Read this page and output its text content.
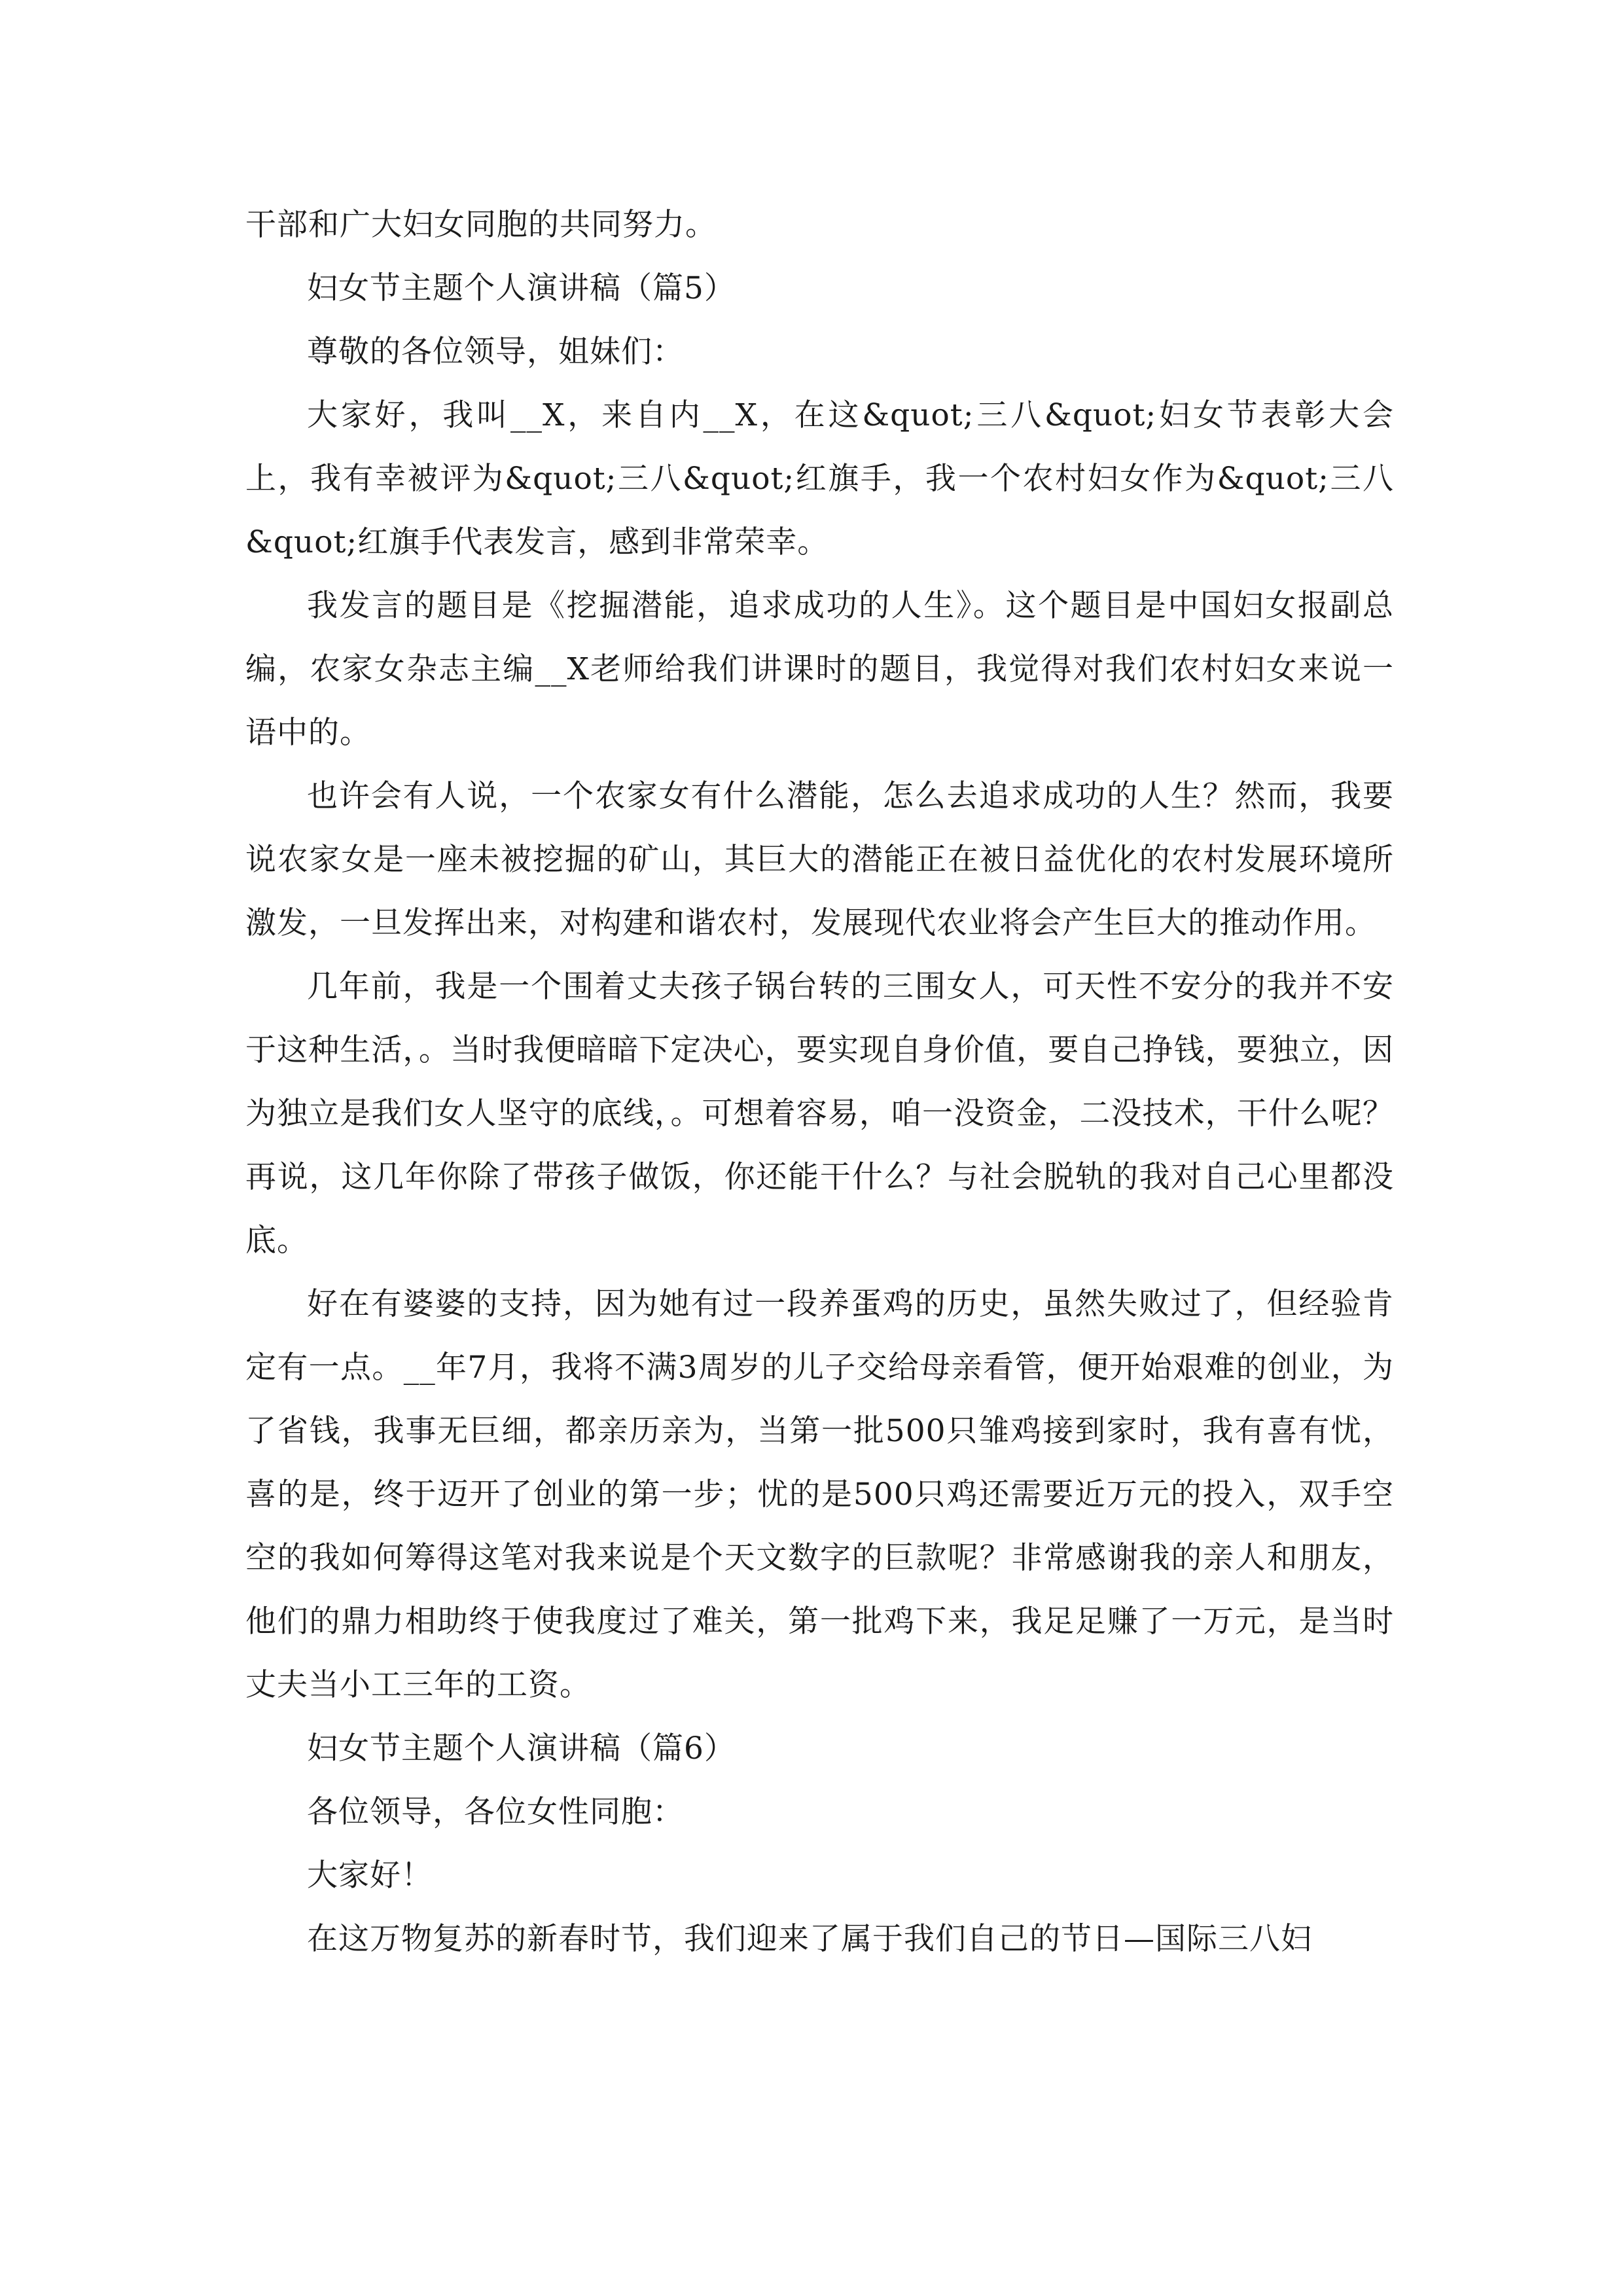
干部和广大妇女同胞的共同努力。

妇女节主题个人演讲稿（篇5）

尊敬的各位领导，姐妹们：

大家好，我叫__X，来自内__X，在这&quot;三八&quot;妇女节表彰大会上，我有幸被评为&quot;三八&quot;红旗手，我一个农村妇女作为&quot;三八&quot;红旗手代表发言，感到非常荣幸。

我发言的题目是《挖掘潜能，追求成功的人生》。这个题目是中国妇女报副总编，农家女杂志主编__X老师给我们讲课时的题目，我觉得对我们农村妇女来说一语中的。

也许会有人说，一个农家女有什么潜能，怎么去追求成功的人生？然而，我要说农家女是一座未被挖掘的矿山，其巨大的潜能正在被日益优化的农村发展环境所激发，一旦发挥出来，对构建和谐农村，发展现代农业将会产生巨大的推动作用。

几年前，我是一个围着丈夫孩子锅台转的三围女人，可天性不安分的我并不安于这种生活，。当时我便暗暗下定决心，要实现自身价值，要自己挣钱，要独立，因为独立是我们女人坚守的底线，。可想着容易，咱一没资金，二没技术，干什么呢？再说，这几年你除了带孩子做饭，你还能干什么？与社会脱轨的我对自己心里都没底。

好在有婆婆的支持，因为她有过一段养蛋鸡的历史，虽然失败过了，但经验肯定有一点。__年7月，我将不满3周岁的儿子交给母亲看管，便开始艰难的创业，为了省钱，我事无巨细，都亲历亲为，当第一批500只雏鸡接到家时，我有喜有忧，喜的是，终于迈开了创业的第一步；忧的是500只鸡还需要近万元的投入，双手空空的我如何筹得这笔对我来说是个天文数字的巨款呢？非常感谢我的亲人和朋友，他们的鼎力相助终于使我度过了难关，第一批鸡下来，我足足赚了一万元，是当时丈夫当小工三年的工资。

妇女节主题个人演讲稿（篇6）

各位领导，各位女性同胞：

大家好！

在这万物复苏的新春时节，我们迎来了属于我们自己的节日—国际三八妇
